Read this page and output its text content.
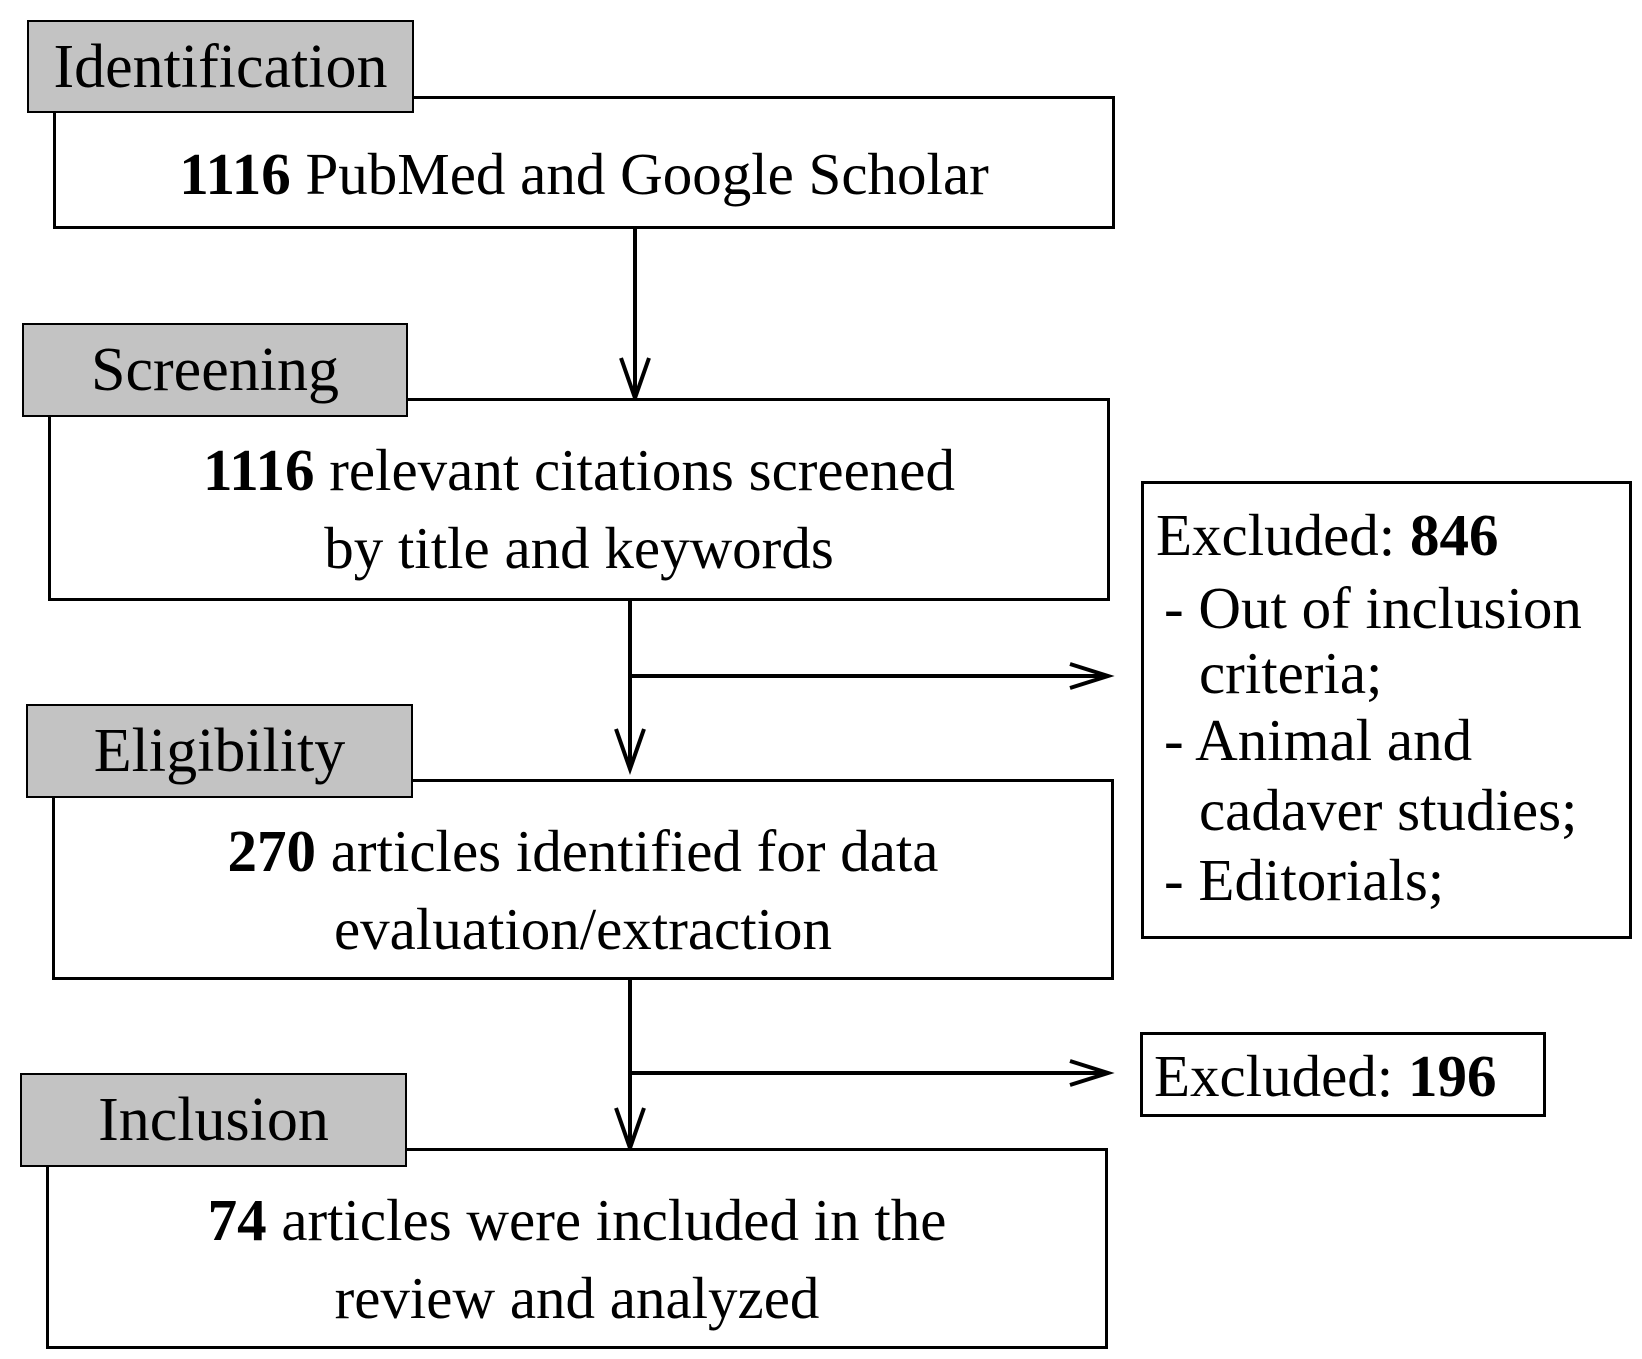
1116 PubMed and Google Scholar
Identification
1116 relevant citations screened
by title and keywords
Screening
270 articles identified for data
evaluation/extraction
Eligibility
74 articles were included in the
review and analyzed
Inclusion
Excluded: 846
- Out of inclusion
criteria;
- Animal and
cadaver studies;
- Editorials;
Excluded: 196
